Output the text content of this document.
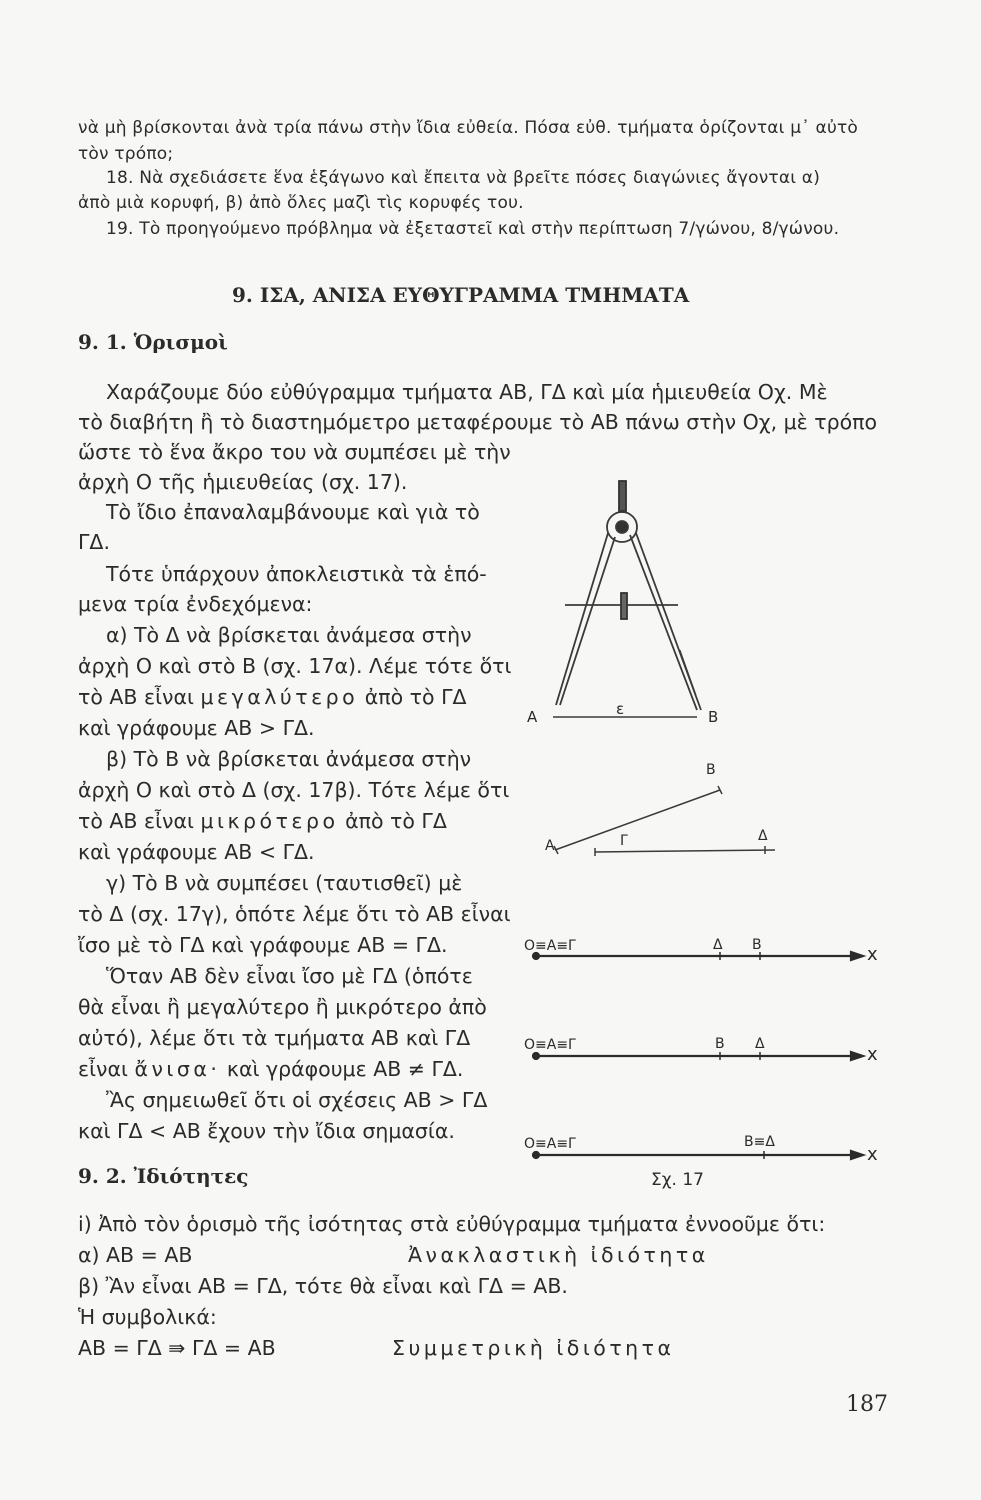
νὰ μὴ βρίσκονται ἀνὰ τρία πάνω στὴν ἴδια εὐθεία. Πόσα εὐθ. τμήματα ὁρίζονται μ᾽ αὐτὸ
τὸν τρόπο;
18. Νὰ σχεδιάσετε ἕνα ἑξάγωνο καὶ ἔπειτα νὰ βρεῖτε πόσες διαγώνιες ἄγονται α)
ἀπὸ μιὰ κορυφή, β) ἀπὸ ὅλες μαζὶ τὶς κορυφές του.
19. Τὸ προηγούμενο πρόβλημα νὰ ἐξεταστεῖ καὶ στὴν περίπτωση 7/γώνου, 8/γώνου.
9. ΙΣΑ, ΑΝΙΣΑ ΕΥΘΥΓΡΑΜΜΑ ΤΜΗΜΑΤΑ
9. 1. Ὁρισμοὶ
Χαράζουμε δύο εὐθύγραμμα τμήματα ΑΒ, ΓΔ καὶ μία ἡμιευθεία Οχ. Μὲ
τὸ διαβήτη ἢ τὸ διαστημόμετρο μεταφέρουμε τὸ ΑΒ πάνω στὴν Οχ, μὲ τρόπο
ὥστε τὸ ἕνα ἄκρο του νὰ συμπέσει μὲ τὴν
ἀρχὴ Ο τῆς ἡμιευθείας (σχ. 17).
Τὸ ἴδιο ἐπαναλαμβάνουμε καὶ γιὰ τὸ
ΓΔ.
Τότε ὑπάρχουν ἀποκλειστικὰ τὰ ἑπό-
μενα τρία ἐνδεχόμενα:
α) Τὸ Δ νὰ βρίσκεται ἀνάμεσα στὴν
ἀρχὴ Ο καὶ στὸ Β (σχ. 17α). Λέμε τότε ὅτι
τὸ ΑΒ εἶναι μεγαλύτερο ἀπὸ τὸ ΓΔ
καὶ γράφουμε ΑΒ > ΓΔ.
β) Τὸ Β νὰ βρίσκεται ἀνάμεσα στὴν
ἀρχὴ Ο καὶ στὸ Δ (σχ. 17β). Τότε λέμε ὅτι
τὸ ΑΒ εἶναι μικρότερο ἀπὸ τὸ ΓΔ
καὶ γράφουμε ΑΒ < ΓΔ.
γ) Τὸ Β νὰ συμπέσει (ταυτισθεῖ) μὲ
τὸ Δ (σχ. 17γ), ὁπότε λέμε ὅτι τὸ ΑΒ εἶναι
ἴσο μὲ τὸ ΓΔ καὶ γράφουμε ΑΒ = ΓΔ.
Ὅταν ΑΒ δὲν εἶναι ἴσο μὲ ΓΔ (ὁπότε
θὰ εἶναι ἢ μεγαλύτερο ἢ μικρότερο ἀπὸ
αὐτό), λέμε ὅτι τὰ τμήματα ΑΒ καὶ ΓΔ
εἶναι ἄνισα· καὶ γράφουμε ΑΒ ≠ ΓΔ.
Ἂς σημειωθεῖ ὅτι οἱ σχέσεις ΑΒ > ΓΔ
καὶ ΓΔ < ΑΒ ἔχουν τὴν ἴδια σημασία.
9. 2. Ἰδιότητες
i) Ἀπὸ τὸν ὁρισμὸ τῆς ἰσότητας στὰ εὐθύγραμμα τμήματα ἐννοοῦμε ὅτι:
α) ΑΒ = ΑΒ	Ἀνακλαστικὴ ἰδιότητα
β) Ἂν εἶναι ΑΒ = ΓΔ, τότε θὰ εἶναι καὶ ΓΔ = ΑΒ.
Ἡ συμβολικά:
ΑΒ = ΓΔ ⇛ ΓΔ = ΑΒ	Συμμετρικὴ ἰδιότητα
A	ε	B
A
B
Γ	Δ
O≡A≡Γ	Δ B	x
O≡A≡Γ	B Δ	x
O≡A≡Γ	B≡Δ
x
Σχ. 17
187
